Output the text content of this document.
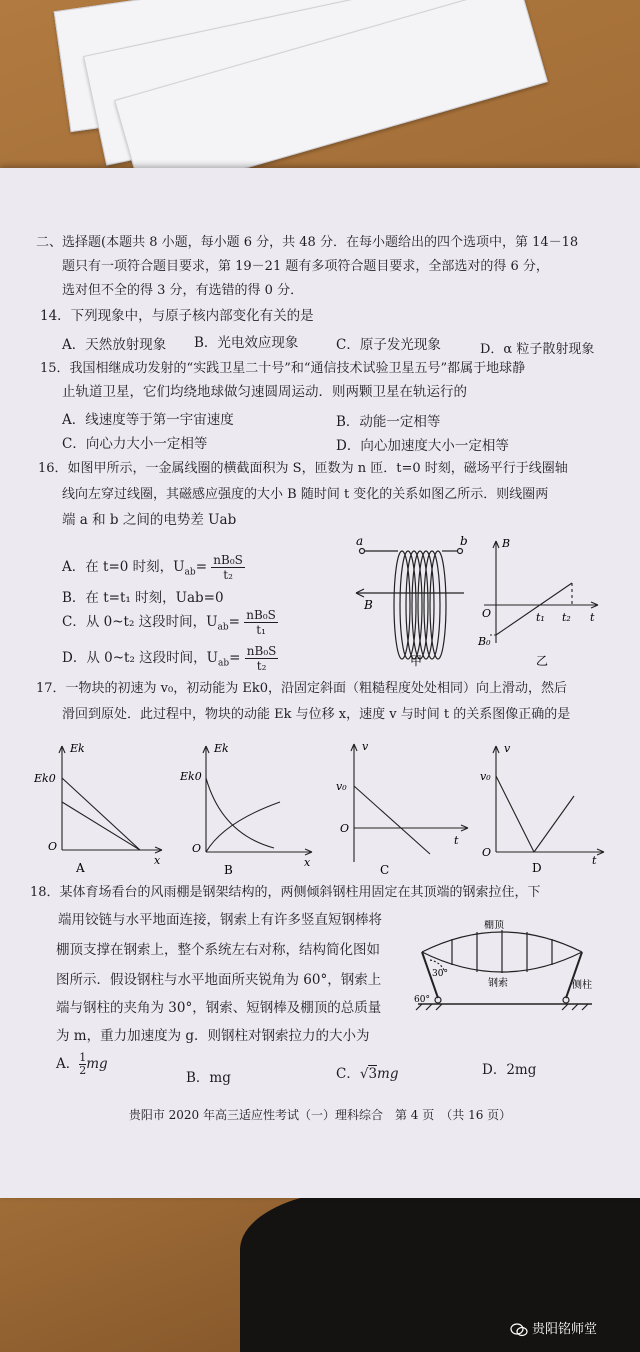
二、选择题(本题共 8 小题，每小题 6 分，共 48 分．在每小题给出的四个选项中，第 14－18
题只有一项符合题目要求，第 19－21 题有多项符合题目要求，全部选对的得 6 分，
选对但不全的得 3 分，有选错的得 0 分．
14．下列现象中，与原子核内部变化有关的是
A．天然放射现象 B．光电效应现象	C．原子发光现象	D．α 粒子散射现象
15．我国相继成功发射的“实践卫星二十号”和“通信技术试验卫星五号”都属于地球静
止轨道卫星，它们均绕地球做匀速圆周运动．则两颗卫星在轨运行的
A．线速度等于第一宇宙速度	B．动能一定相等
C．向心力大小一定相等	D．向心加速度大小一定相等
16．如图甲所示，一金属线圈的横截面积为 S，匝数为 n 匝．t=0 时刻，磁场平行于线圈轴
线向左穿过线圈，其磁感应强度的大小 B 随时间 t 变化的关系如图乙所示．则线圈两
端 a 和 b 之间的电势差 Uab
A．在 t=0 时刻，$U_{ab}= \frac{\text{nB₀S}}{\text{t₂}}$
B．在 t=t₁ 时刻，Uab=0
C．从 0~t₂ 这段时间，$U_{ab}= \frac{\text{nB₀S}}{\text{t₁}}$
D．从 0~t₂ 这段时间，$U_{ab}= \frac{\text{nB₀S}}{\text{t₂}}$
a	b
B
甲
B
O	t₁ t₂ t
B₀
乙
17．一物块的初速为 v₀，初动能为 Ek0，沿固定斜面（粗糙程度处处相同）向上滑动，然后
滑回到原处．此过程中，物块的动能 Ek 与位移 x，速度 v 与时间 t 的关系图像正确的是
Ek
Ek0
O
x
A
Ek
Ek0
O
x
B
v
v₀
O
t
C
v
v₀
O
t
D
18．某体育场看台的风雨棚是钢架结构的，两侧倾斜钢柱用固定在其顶端的钢索拉住，下
端用铰链与水平地面连接，钢索上有许多竖直短钢棒将
棚顶支撑在钢索上，整个系统左右对称，结构简化图如
图所示．假设钢柱与水平地面所夹锐角为 60°，钢索上
端与钢柱的夹角为 30°，钢索、短钢棒及棚顶的总质量
为 m，重力加速度为 g．则钢柱对钢索拉力的大小为
棚顶
钢索	侧柱
30°
60°
A． $\frac{1}{2}$ mg
B．mg	C．√3mg	D．2mg
贵阳市 2020 年高三适应性考试（一）理科综合　第 4 页　（共 16 页）
贵阳铭师堂
